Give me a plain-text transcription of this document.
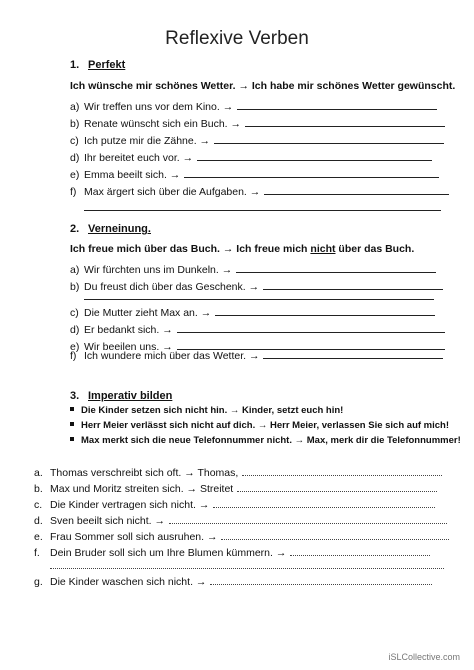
Reflexive Verben
1. Perfekt
Ich wünsche mir schönes Wetter. → Ich habe mir schönes Wetter gewünscht.
a) Wir treffen uns vor dem Kino. →
b) Renate wünscht sich ein Buch. →
c) Ich putze mir die Zähne. →
d) Ihr bereitet euch vor. →
e) Emma beeilt sich. →
f) Max ärgert sich über die Aufgaben. →
2. Verneinung.
Ich freue mich über das Buch. → Ich freue mich nicht über das Buch.
a) Wir fürchten uns im Dunkeln. →
b) Du freust dich über das Geschenk. →
c) Die Mutter zieht Max an. →
d) Er bedankt sich. →
e) Wir beeilen uns. →
f) Ich wundere mich über das Wetter. →
3. Imperativ bilden
Die Kinder setzen sich nicht hin. → Kinder, setzt euch hin!
Herr Meier verlässt sich nicht auf dich. → Herr Meier, verlassen Sie sich auf mich!
Max merkt sich die neue Telefonnummer nicht. → Max, merk dir die Telefonnummer!
a. Thomas verschreibt sich oft. → Thomas,
b. Max und Moritz streiten sich. → Streitet
c. Die Kinder vertragen sich nicht. →
d. Sven beeilt sich nicht. →
e. Frau Sommer soll sich ausruhen. →
f. Dein Bruder soll sich um Ihre Blumen kümmern. →
g. Die Kinder waschen sich nicht. →
iSLCollective.com
